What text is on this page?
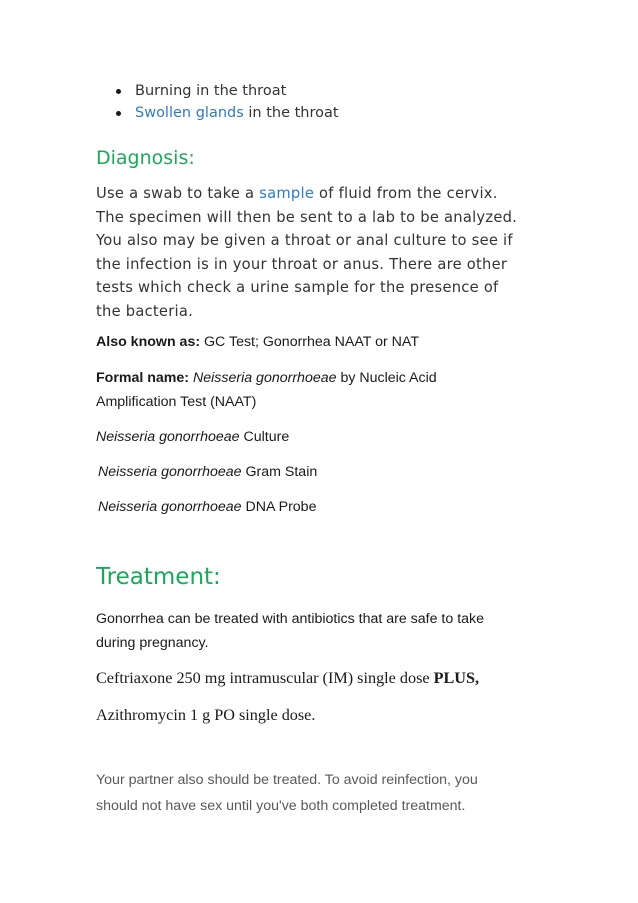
Burning in the throat
Swollen glands in the throat
Diagnosis:
Use a swab to take a sample of fluid from the cervix.
The specimen will then be sent to a lab to be analyzed.
You also may be given a throat or anal culture to see if
the infection is in your throat or anus. There are other
tests which check a urine sample for the presence of
the bacteria.
Also known as: GC Test; Gonorrhea NAAT or NAT
Formal name: Neisseria gonorrhoeae by Nucleic Acid
Amplification Test (NAAT)
Neisseria gonorrhoeae Culture
Neisseria gonorrhoeae Gram Stain
Neisseria gonorrhoeae DNA Probe
Treatment:
Gonorrhea can be treated with antibiotics that are safe to take
during pregnancy.
Ceftriaxone 250 mg intramuscular (IM) single dose PLUS,
Azithromycin 1 g PO single dose.
Your partner also should be treated. To avoid reinfection, you
should not have sex until you've both completed treatment.
